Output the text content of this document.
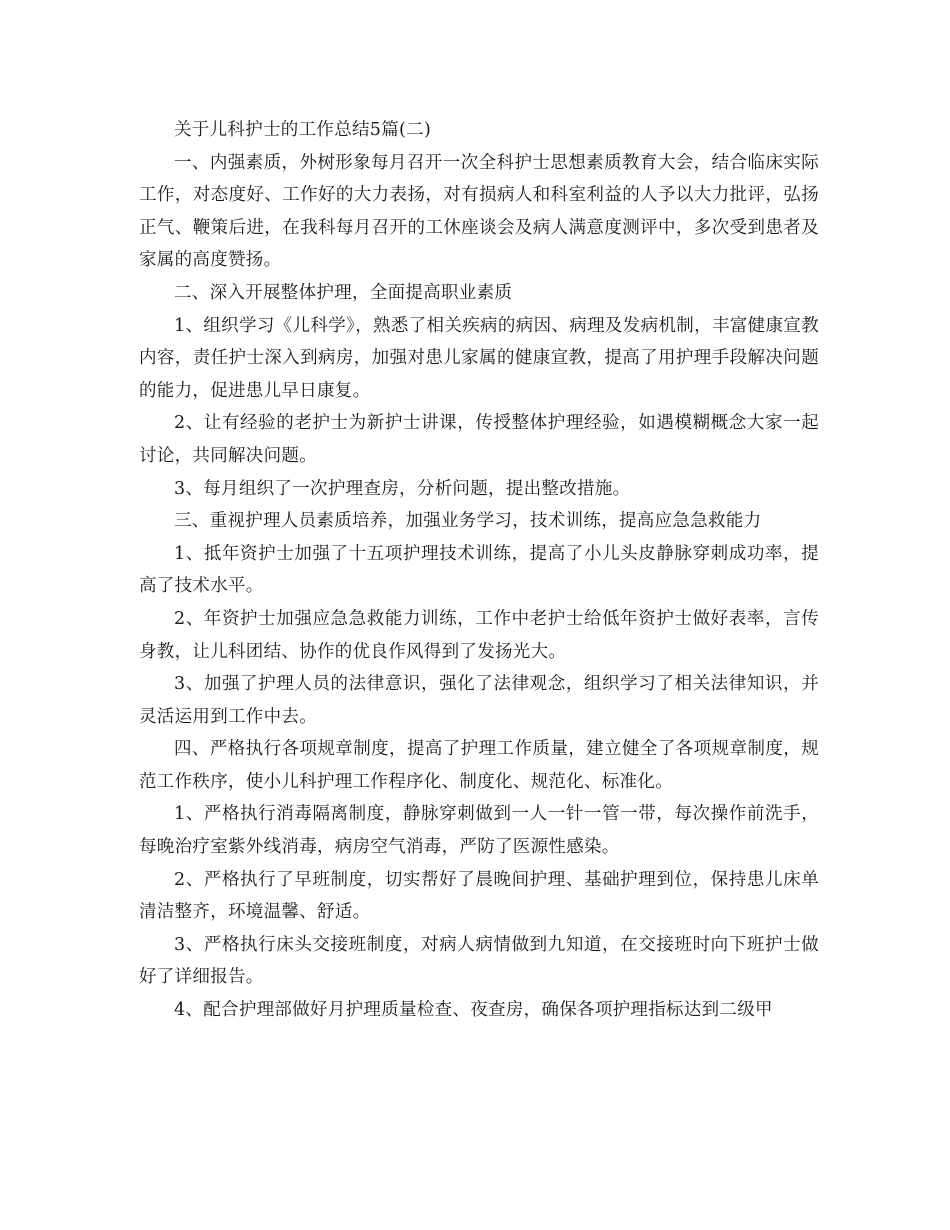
关于儿科护士的工作总结5篇(二)

一、内强素质，外树形象每月召开一次全科护士思想素质教育大会，结合临床实际工作，对态度好、工作好的大力表扬，对有损病人和科室利益的人予以大力批评，弘扬正气、鞭策后进，在我科每月召开的工休座谈会及病人满意度测评中，多次受到患者及家属的高度赞扬。

二、深入开展整体护理，全面提高职业素质

1、组织学习《儿科学》，熟悉了相关疾病的病因、病理及发病机制，丰富健康宣教内容，责任护士深入到病房，加强对患儿家属的健康宣教，提高了用护理手段解决问题的能力，促进患儿早日康复。

2、让有经验的老护士为新护士讲课，传授整体护理经验，如遇模糊概念大家一起讨论，共同解决问题。

3、每月组织了一次护理查房，分析问题，提出整改措施。

三、重视护理人员素质培养，加强业务学习，技术训练，提高应急急救能力

1、抵年资护士加强了十五项护理技术训练，提高了小儿头皮静脉穿刺成功率，提高了技术水平。

2、年资护士加强应急急救能力训练，工作中老护士给低年资护士做好表率，言传身教，让儿科团结、协作的优良作风得到了发扬光大。

3、加强了护理人员的法律意识，强化了法律观念，组织学习了相关法律知识，并灵活运用到工作中去。

四、严格执行各项规章制度，提高了护理工作质量，建立健全了各项规章制度，规范工作秩序，使小儿科护理工作程序化、制度化、规范化、标准化。

1、严格执行消毒隔离制度，静脉穿刺做到一人一针一管一带，每次操作前洗手，每晚治疗室紫外线消毒，病房空气消毒，严防了医源性感染。

2、严格执行了早班制度，切实帮好了晨晚间护理、基础护理到位，保持患儿床单清洁整齐，环境温馨、舒适。

3、严格执行床头交接班制度，对病人病情做到九知道，在交接班时向下班护士做好了详细报告。

4、配合护理部做好月护理质量检查、夜查房，确保各项护理指标达到二级甲
